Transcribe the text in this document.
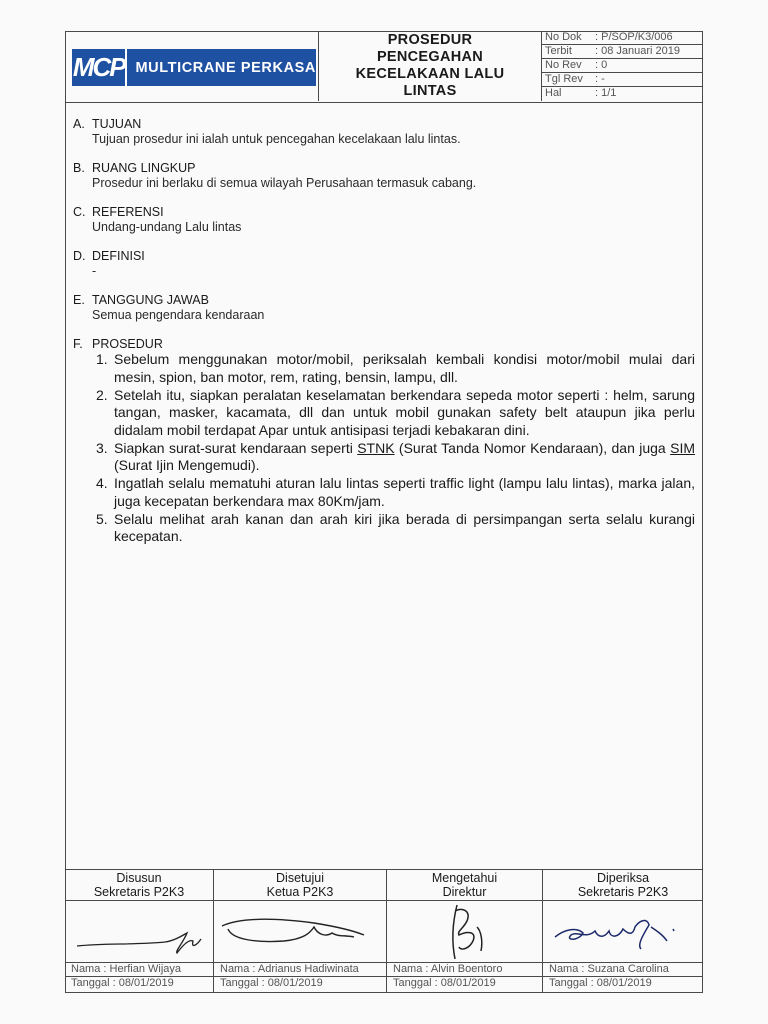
MCP MULTICRANE PERKASA
PROSEDUR PENCEGAHAN KECELAKAAN LALU LINTAS
No Dok : P/SOP/K3/006
Terbit : 08 Januari 2019
No Rev : 0
Tgl Rev : -
Hal	: 1/1
A. TUJUAN
Tujuan prosedur ini ialah untuk pencegahan kecelakaan lalu lintas.
B. RUANG LINGKUP
Prosedur ini berlaku di semua wilayah Perusahaan termasuk cabang.
C. REFERENSI
Undang-undang Lalu lintas
D. DEFINISI
-
E. TANGGUNG JAWAB
Semua pengendara kendaraan
F. PROSEDUR
1. Sebelum menggunakan motor/mobil, periksalah kembali kondisi motor/mobil mulai dari mesin, spion, ban motor, rem, rating, bensin, lampu, dll.
2. Setelah itu, siapkan peralatan keselamatan berkendara sepeda motor seperti : helm, sarung tangan, masker, kacamata, dll dan untuk mobil gunakan safety belt ataupun jika perlu didalam mobil terdapat Apar untuk antisipasi terjadi kebakaran dini.
3. Siapkan surat-surat kendaraan seperti STNK (Surat Tanda Nomor Kendaraan), dan juga SIM (Surat Ijin Mengemudi).
4. Ingatlah selalu mematuhi aturan lalu lintas seperti traffic light (lampu lalu lintas), marka jalan, juga kecepatan berkendara max 80Km/jam.
5. Selalu melihat arah kanan dan arah kiri jika berada di persimpangan serta selalu kurangi kecepatan.
Disusun
Sekretaris P2K3
Nama : Herfian Wijaya
Tanggal : 08/01/2019
Disetujui
Ketua P2K3
Nama : Adrianus Hadiwinata
Tanggal : 08/01/2019
Mengetahui
Direktur
Nama : Alvin Boentoro
Tanggal : 08/01/2019
Diperiksa
Sekretaris P2K3
Nama : Suzana Carolina
Tanggal : 08/01/2019
